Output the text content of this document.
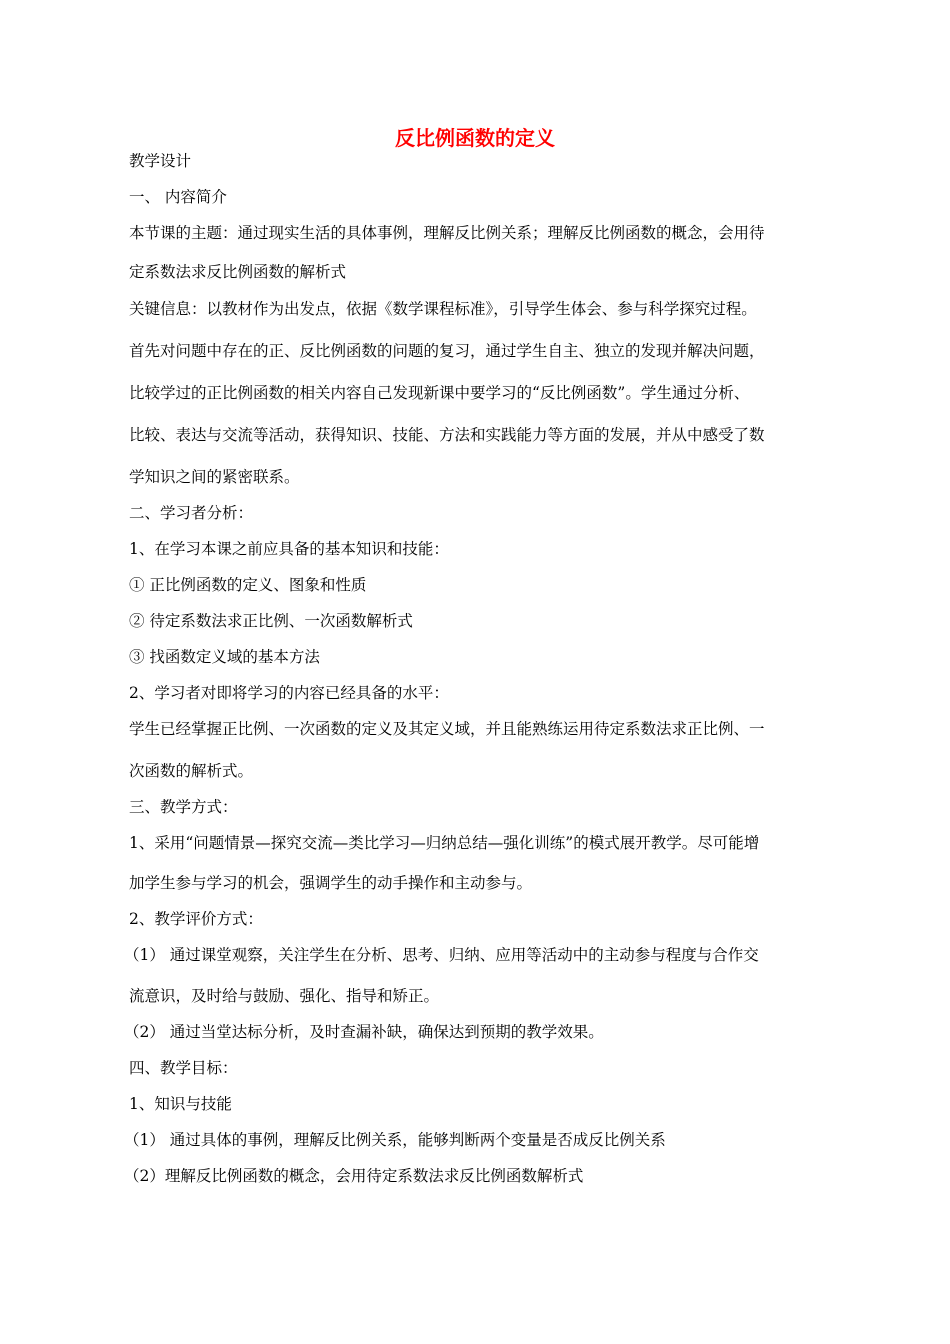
反比例函数的定义
教学设计
一、 内容简介
本节课的主题：通过现实生活的具体事例，理解反比例关系；理解反比例函数的概念，会用待
定系数法求反比例函数的解析式
关键信息：以教材作为出发点，依据《数学课程标准》，引导学生体会、参与科学探究过程。
首先对问题中存在的正、反比例函数的问题的复习，通过学生自主、独立的发现并解决问题，
比较学过的正比例函数的相关内容自己发现新课中要学习的“反比例函数”。学生通过分析、
比较、表达与交流等活动，获得知识、技能、方法和实践能力等方面的发展，并从中感受了数
学知识之间的紧密联系。
二、学习者分析：
1、在学习本课之前应具备的基本知识和技能：
① 正比例函数的定义、图象和性质
② 待定系数法求正比例、一次函数解析式
③ 找函数定义域的基本方法
2、学习者对即将学习的内容已经具备的水平：
学生已经掌握正比例、一次函数的定义及其定义域，并且能熟练运用待定系数法求正比例、一
次函数的解析式。
三、教学方式：
1、采用“问题情景—探究交流—类比学习—归纳总结—强化训练”的模式展开教学。尽可能增
加学生参与学习的机会，强调学生的动手操作和主动参与。
2、教学评价方式：
（1） 通过课堂观察，关注学生在分析、思考、归纳、应用等活动中的主动参与程度与合作交
流意识，及时给与鼓励、强化、指导和矫正。
（2） 通过当堂达标分析，及时查漏补缺，确保达到预期的教学效果。
四、教学目标：
1、知识与技能
（1） 通过具体的事例，理解反比例关系，能够判断两个变量是否成反比例关系
（2）理解反比例函数的概念，会用待定系数法求反比例函数解析式
